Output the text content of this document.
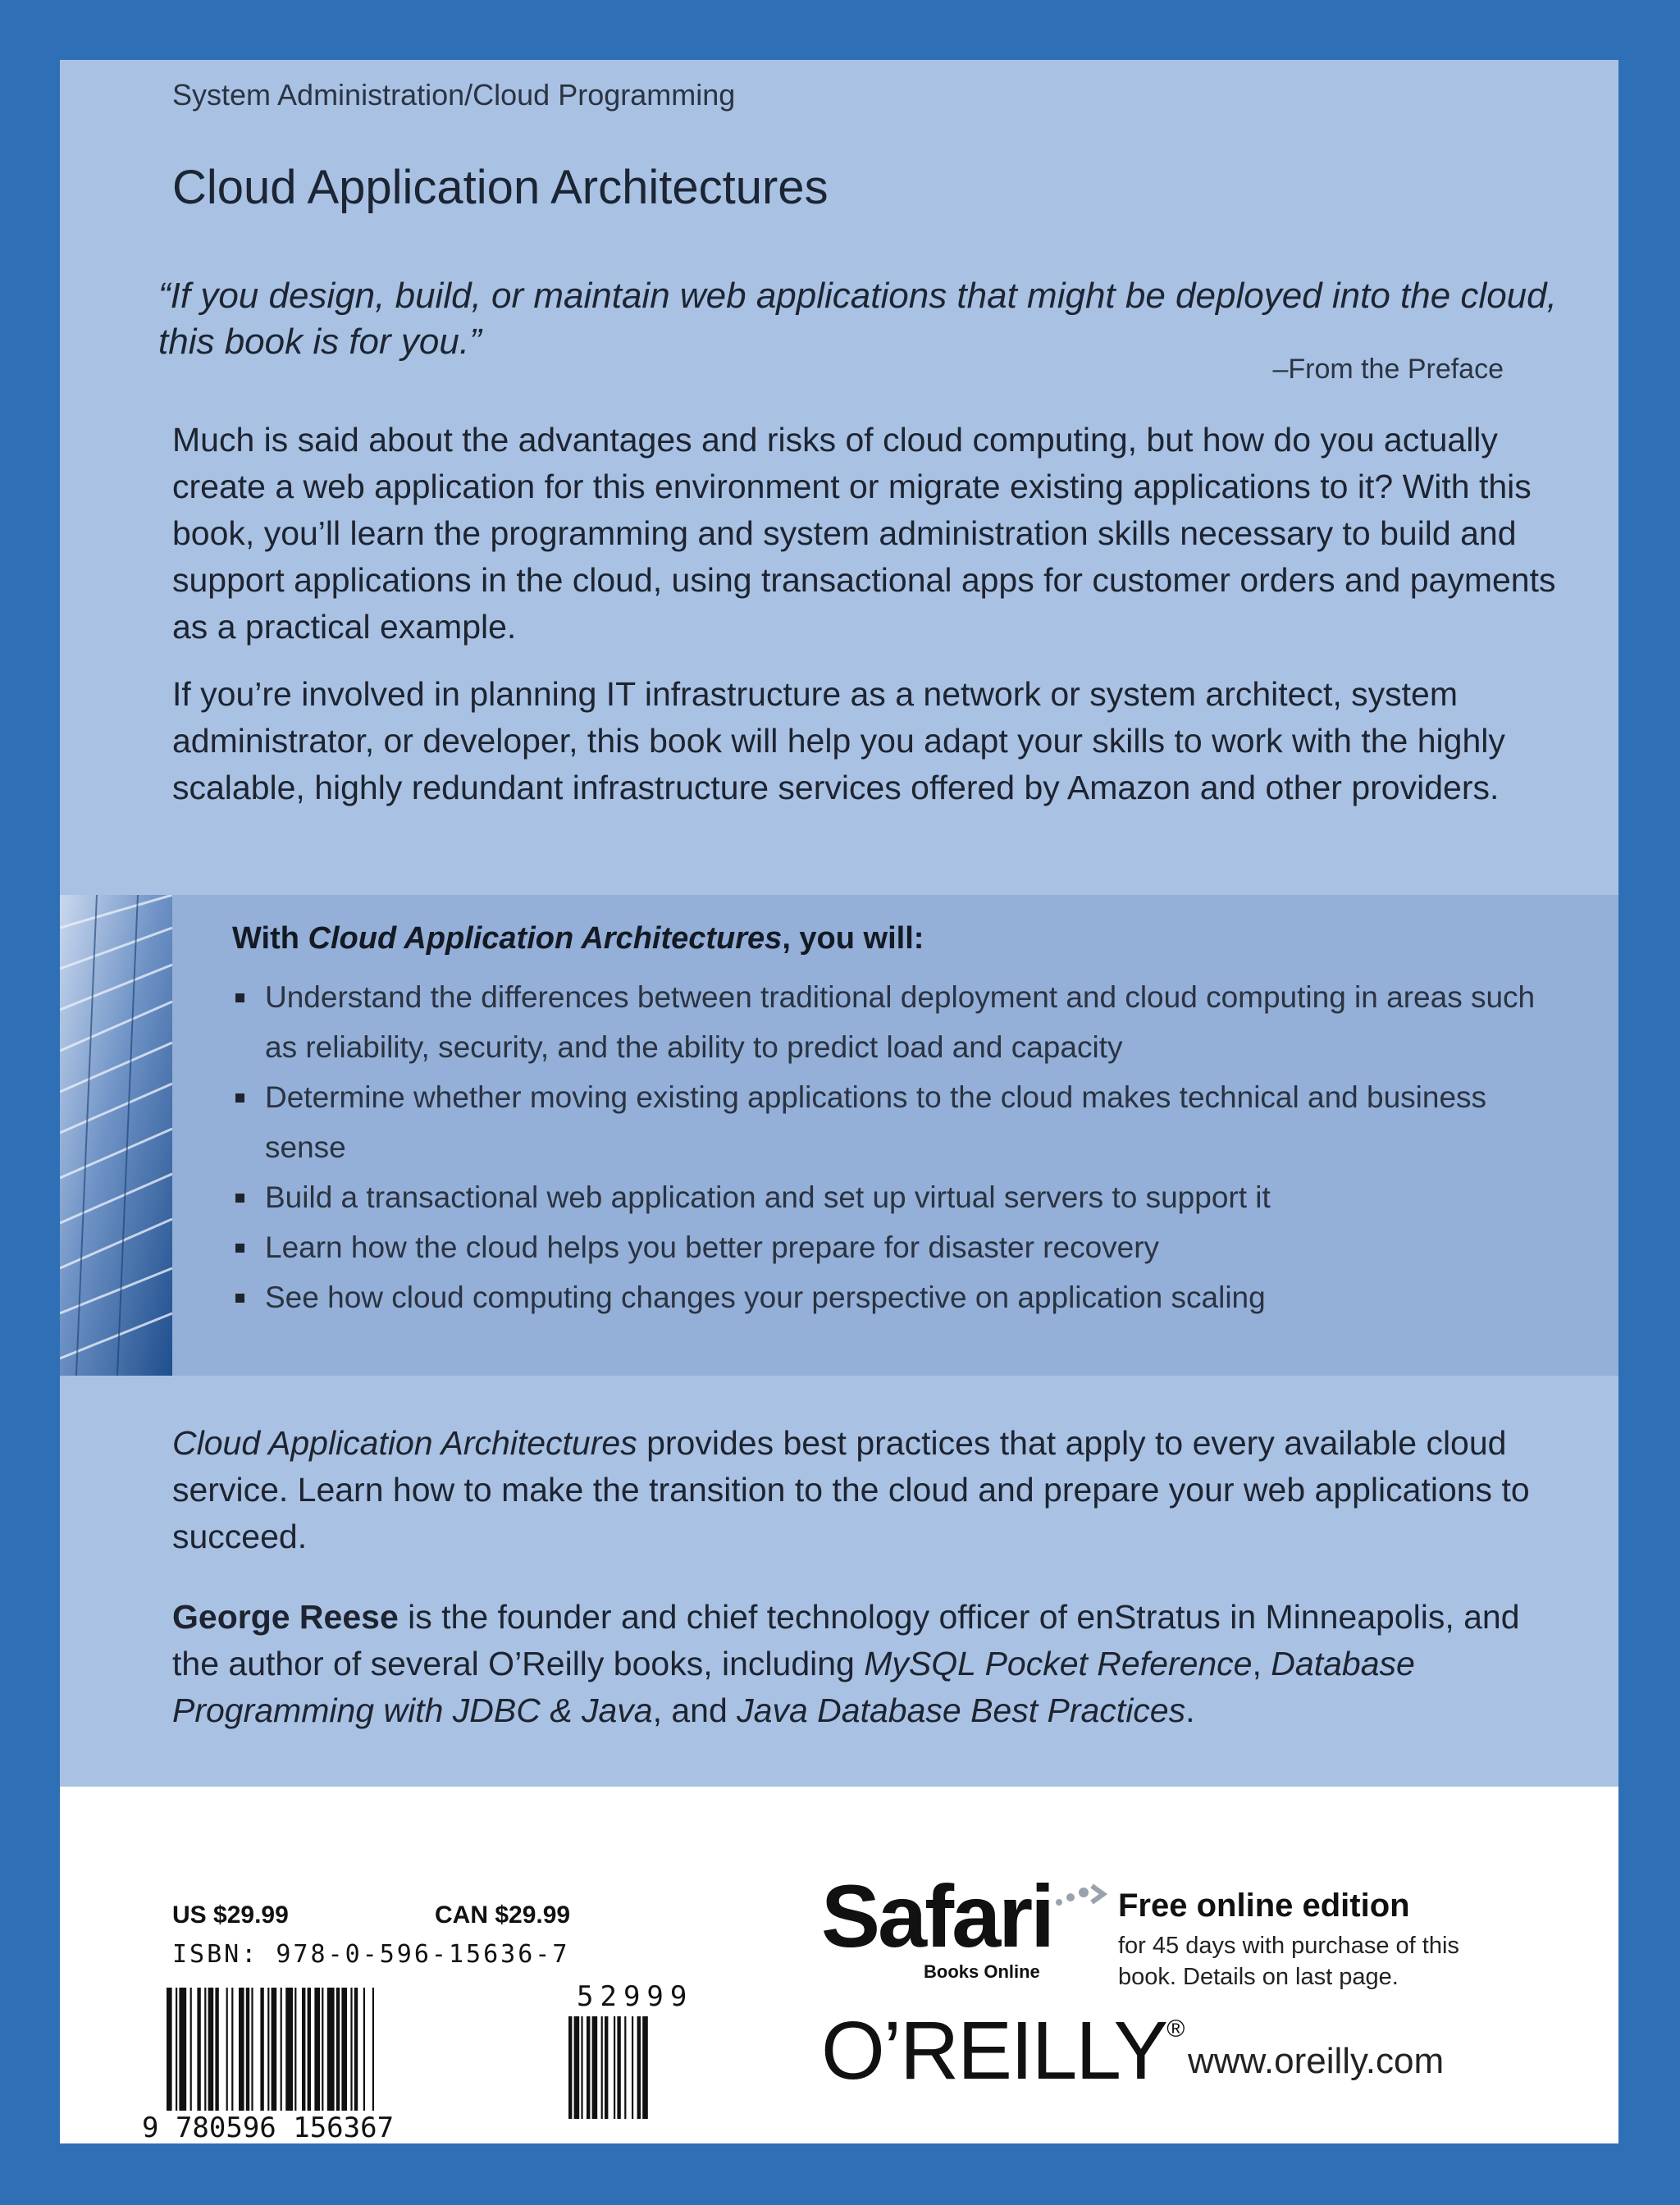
System Administration/Cloud Programming
Cloud Application Architectures
“If you design, build, or maintain web applications that might be deployed into the cloud, this book is for you.”
–From the Preface
Much is said about the advantages and risks of cloud computing, but how do you actually create a web application for this environment or migrate existing applications to it? With this book, you’ll learn the programming and system administration skills necessary to build and support applications in the cloud, using transactional apps for customer orders and payments as a practical example.
If you’re involved in planning IT infrastructure as a network or system architect, system administrator, or developer, this book will help you adapt your skills to work with the highly scalable, highly redundant infrastructure services offered by Amazon and other providers.
With Cloud Application Architectures, you will:
Understand the differences between traditional deployment and cloud computing in areas such as reliability, security, and the ability to predict load and capacity
Determine whether moving existing applications to the cloud makes technical and business sense
Build a transactional web application and set up virtual servers to support it
Learn how the cloud helps you better prepare for disaster recovery
See how cloud computing changes your perspective on application scaling
Cloud Application Architectures provides best practices that apply to every available cloud service. Learn how to make the transition to the cloud and prepare your web applications to succeed.
George Reese is the founder and chief technology officer of enStratus in Minneapolis, and the author of several O’Reilly books, including MySQL Pocket Reference, Database Programming with JDBC & Java, and Java Database Best Practices.
US $29.99	CAN $29.99
ISBN: 978-0-596-15636-7
9 780596 156367
52999
Safari
Books Online
Free online edition
for 45 days with purchase of this book. Details on last page.
O’REILLY®
www.oreilly.com
